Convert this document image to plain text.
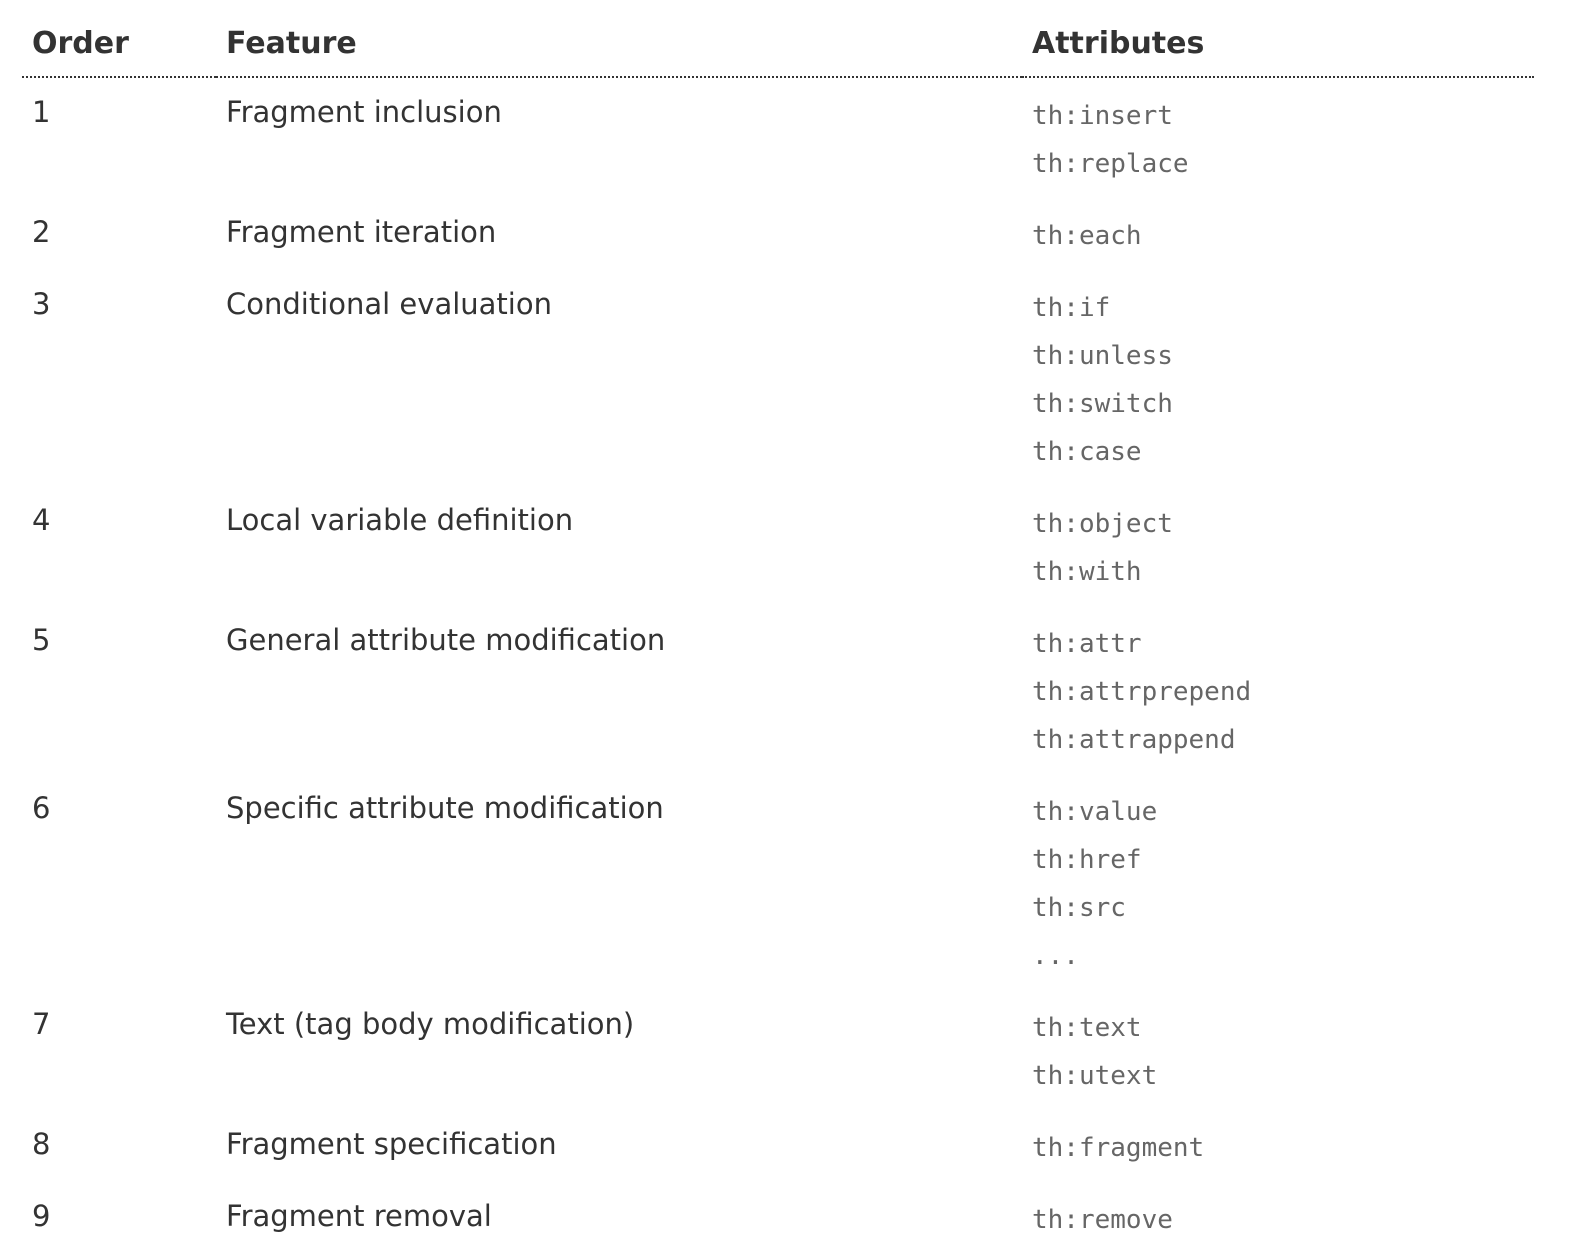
Order	Feature	Attributes
1	Fragment inclusion	th:insert
th:replace

2	Fragment iteration	th:each

3	Conditional evaluation	th:if
th:unless
th:switch
th:case

4	Local variable definition	th:object
th:with

5	General attribute modification	th:attr
th:attrprepend
th:attrappend

6	Specific attribute modification	th:value
th:href
th:src
...

7	Text (tag body modification)	th:text
th:utext

8	Fragment specification	th:fragment

9	Fragment removal	th:remove
